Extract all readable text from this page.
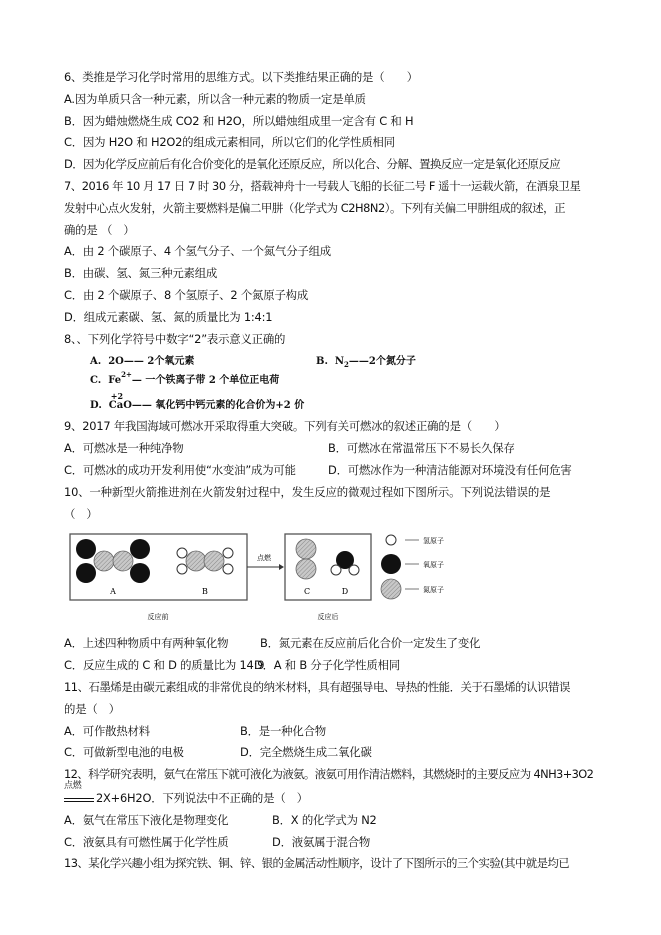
6、类推是学习化学时常用的思维方式。以下类推结果正确的是（　　）
A.因为单质只含一种元素，所以含一种元素的物质一定是单质
B．因为蜡烛燃烧生成 CO2 和 H2O，所以蜡烛组成里一定含有 C 和 H
C．因为 H2O 和 H2O2的组成元素相同，所以它们的化学性质相同
D．因为化学反应前后有化合价变化的是氧化还原反应，所以化合、分解、置换反应一定是氧化还原反应
7、2016 年 10 月 17 日 7 时 30 分，搭载神舟十一号载人飞船的长征二号 F 遥十一运载火箭，在酒泉卫星
发射中心点火发射，火箭主要燃料是偏二甲肼（化学式为 C2H8N2）。下列有关偏二甲肼组成的叙述，正
确的是 （　）
A．由 2 个碳原子、4 个氢气分子、一个氮气分子组成
B．由碳、氢、氮三种元素组成
C．由 2 个碳原子、8 个氢原子、2 个氮原子构成
D．组成元素碳、氢、氮的质量比为 1:4:1
8、、下列化学符号中数字“2”表示意义正确的
A. 2O—— 2个氧元素	B. $N_2——2$个氮分子
C. $Fe^{2+}—$ 一个铁离子带 2 个单位正电荷
D.
+2
CaO—— 氧化钙中钙元素的化合价为+2 价
9、2017 年我国海域可燃冰开采取得重大突破。下列有关可燃冰的叙述正确的是（　　）
A．可燃冰是一种纯净物	B．可燃冰在常温常压下不易长久保存
C．可燃冰的成功开发利用使“水变油”成为可能	D．可燃冰作为一种清洁能源对环境没有任何危害
10、一种新型火箭推进剂在火箭发射过程中，发生反应的微观过程如下图所示。下列说法错误的是
（　）
A	B
反应前
点燃
C	D
反应后
氢原子
氧原子
氮原子
A．上述四种物质中有两种氧化物	B．氮元素在反应前后化合价一定发生了变化
C．反应生成的 C 和 D 的质量比为 14:9
D．A 和 B 分子化学性质相同
11、石墨烯是由碳元素组成的非常优良的纳米材料，具有超强导电、导热的性能．关于石墨烯的认识错误
的是（　）
A．可作散热材料	B．是一种化合物
C．可做新型电池的电极	D．完全燃烧生成二氧化碳
12、科学研究表明，氨气在常压下就可液化为液氨。液氨可用作清洁燃料，其燃烧时的主要反应为 4NH3+3O2
点燃
2X+6H2O．下列说法中不正确的是（　）
A．氨气在常压下液化是物理变化	B．X 的化学式为 N2
C．液氨具有可燃性属于化学性质	D．液氨属于混合物
13、某化学兴趣小组为探究铁、铜、锌、银的金属活动性顺序，设计了下图所示的三个实验(其中就是均已
